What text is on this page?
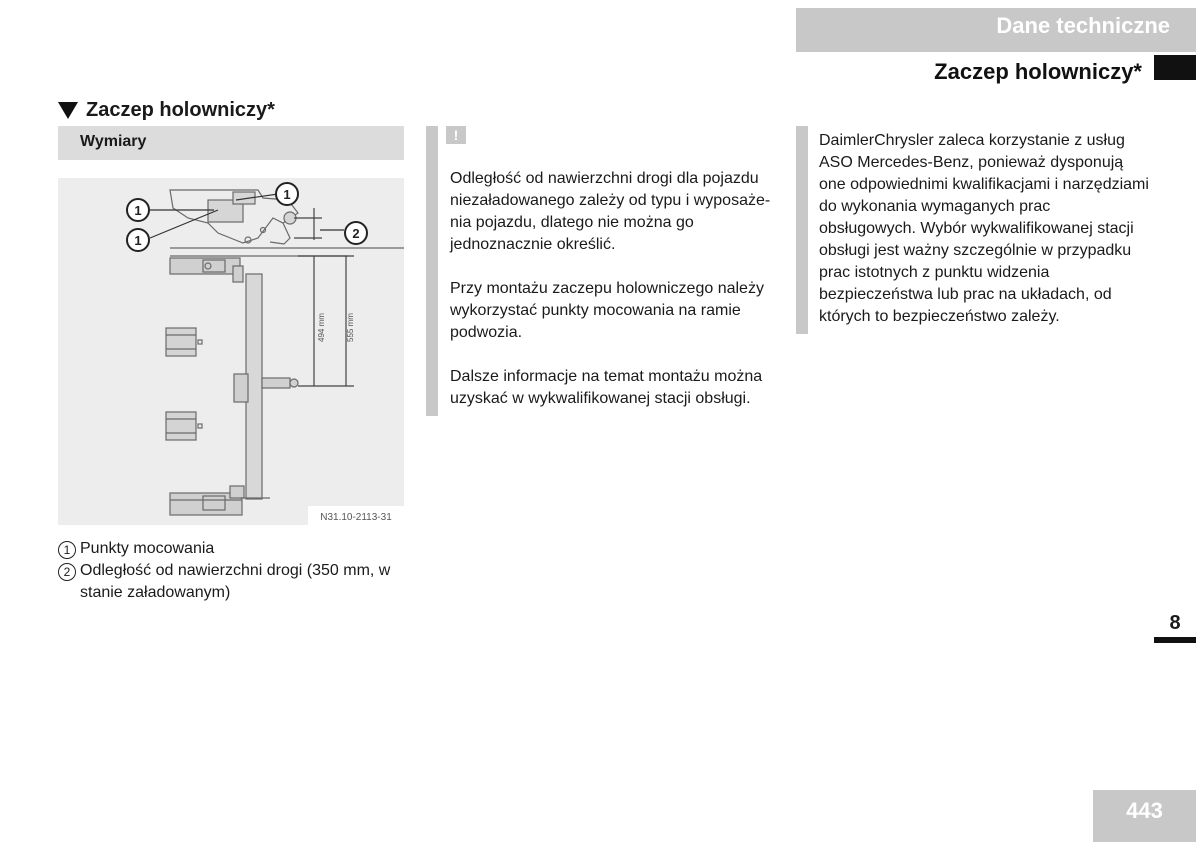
Dane techniczne
Zaczep holowniczy*
Zaczep holowniczy*
Wymiary
494 mm	555 mm
1
1
1
2
N31.10-2113-31
1 Punkty mocowania
2 Odległość od nawierzchni drogi (350 mm, w stanie załadowanym)
!

Odległość od nawierzchni drogi dla pojazdu niezaładowanego zależy od typu i wyposażenia pojazdu, dlatego nie można go jednoznacznie określić.

Przy montażu zaczepu holowniczego należy wykorzystać punkty mocowania na ramie podwozia.

Dalsze informacje na temat montażu można uzyskać w wykwalifikowanej stacji obsługi.

DaimlerChrysler zaleca korzystanie z usług ASO Mercedes-Benz, ponieważ dysponują one odpowiednimi kwalifikacjami i narzędziami do wykonania wymaganych prac obsługowych. Wybór wykwalifikowanej stacji obsługi jest ważny szczególnie w przypadku prac istotnych z punktu widzenia bezpieczeństwa lub prac na układach, od których to bezpieczeństwo zależy.

8
443
